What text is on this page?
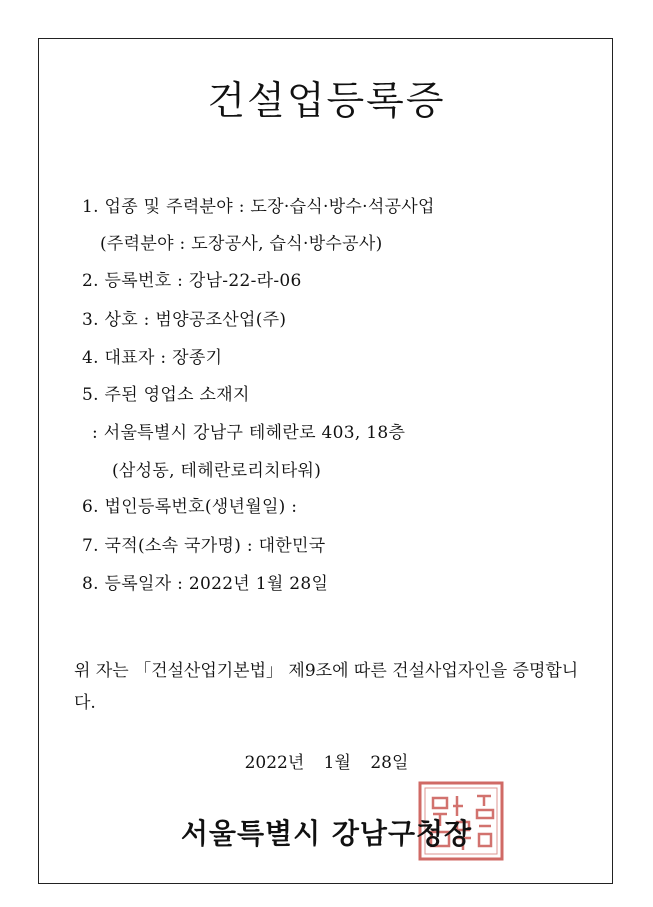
건설업등록증
1. 업종 및 주력분야 : 도장·습식·방수·석공사업
(주력분야 : 도장공사, 습식·방수공사)
2. 등록번호 : 강남-22-라-06
3. 상호 : 범양공조산업(주)
4. 대표자 : 장종기
5. 주된 영업소 소재지
: 서울특별시 강남구 테헤란로 403, 18층
(삼성동, 테헤란로리치타워)
6. 법인등록번호(생년월일) :
7. 국적(소속 국가명) : 대한민국
8. 등록일자 : 2022년 1월 28일
위 자는 「건설산업기본법」 제9조에 따른 건설사업자인을 증명합니다.
2022년 1월 28일
서울특별시 강남구청장
